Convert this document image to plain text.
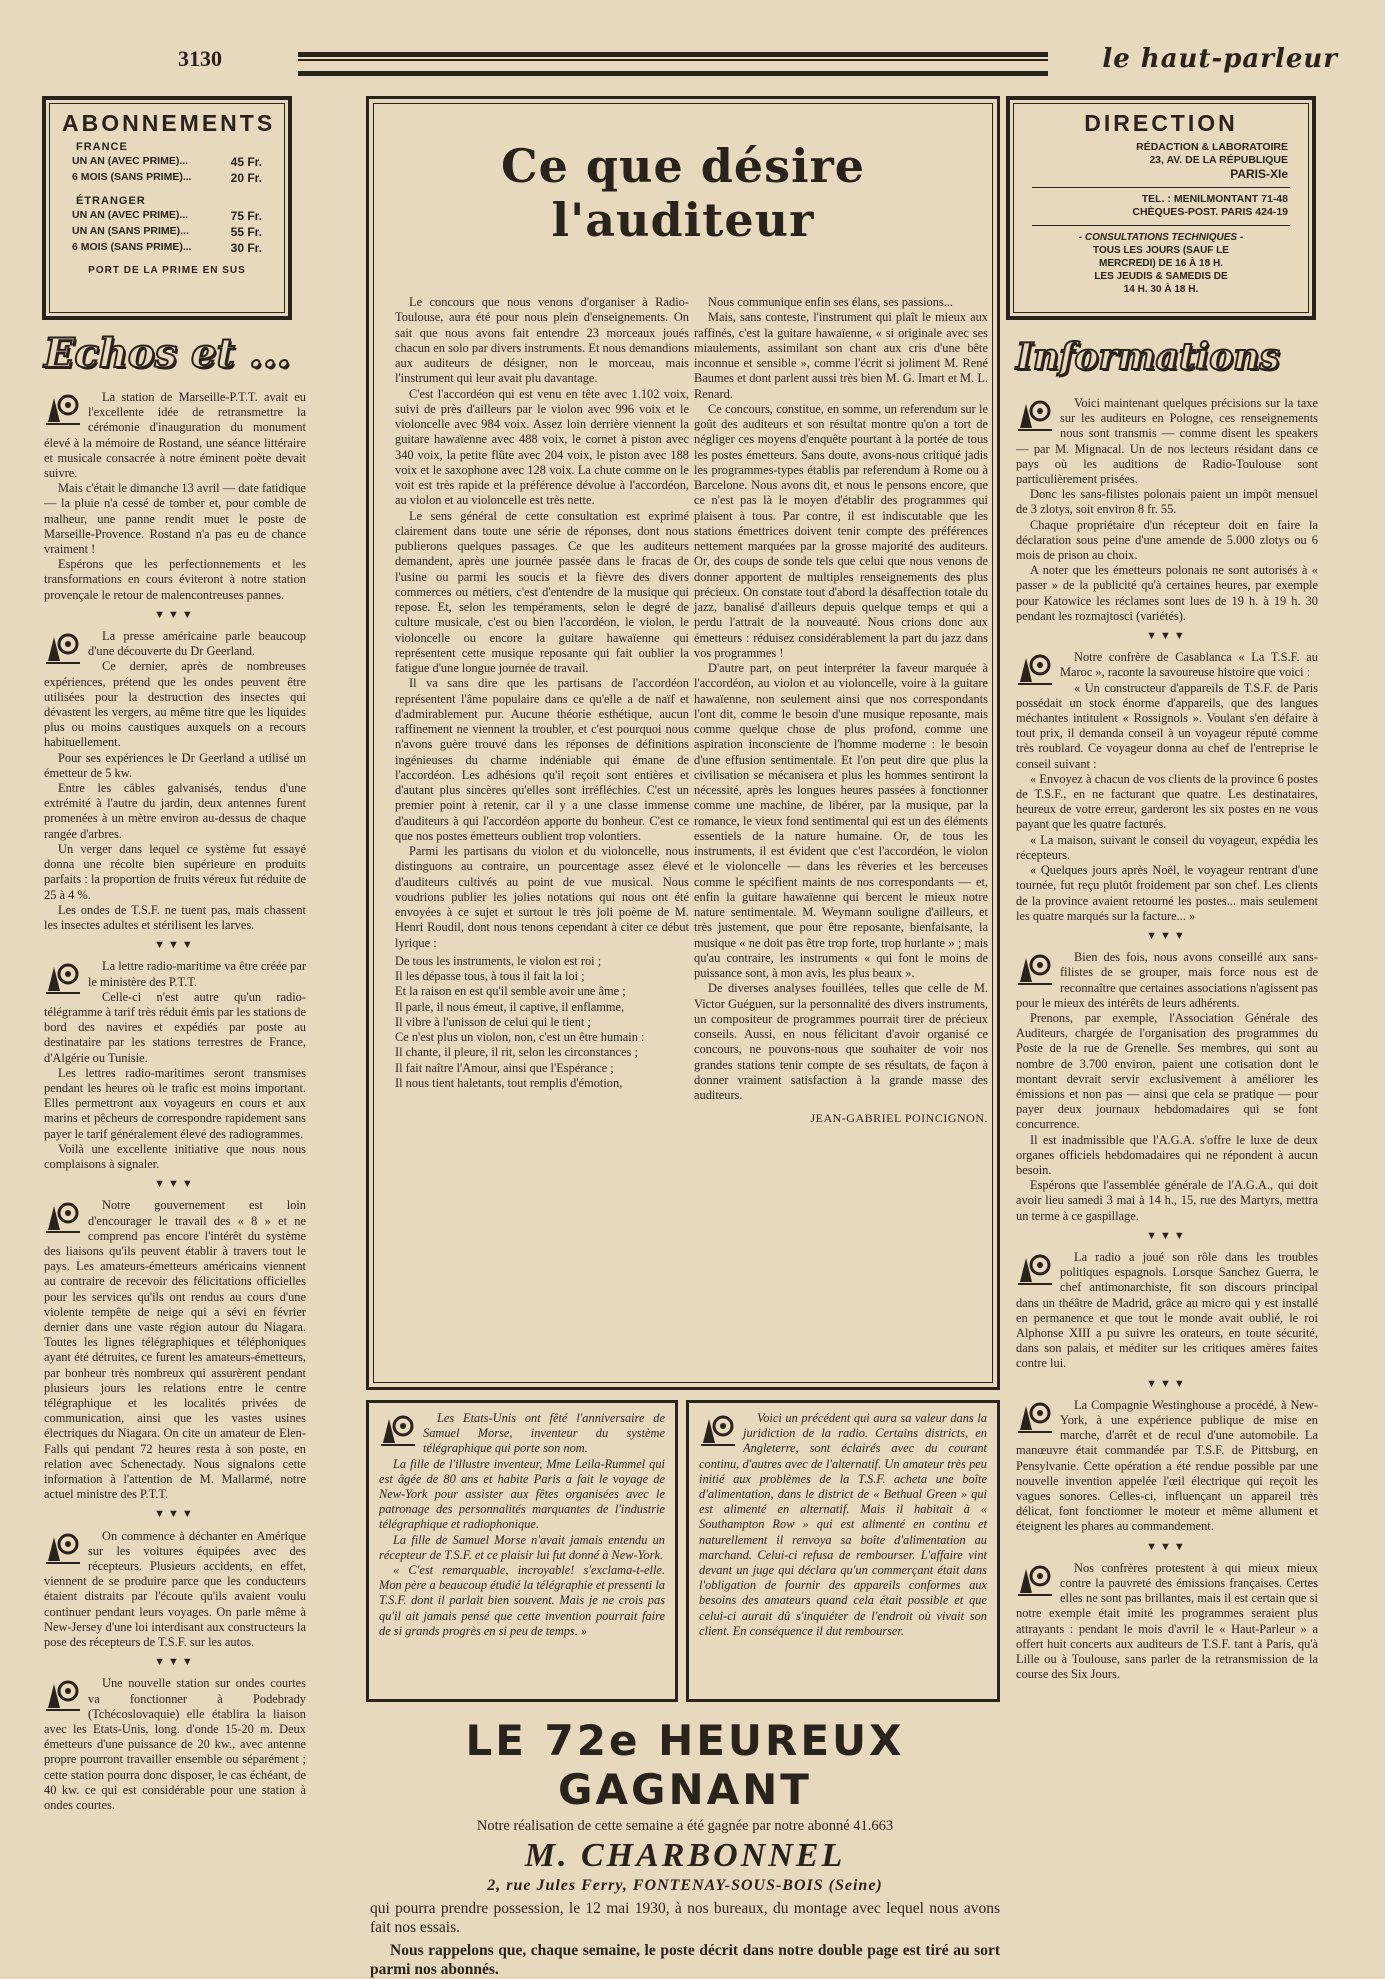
3130	le haut-parleur
ABONNEMENTS
FRANCE
UN AN (AVEC PRIME)...	45 Fr.
6 MOIS (SANS PRIME)...	20 Fr.
ÉTRANGER
UN AN (AVEC PRIME)...	75 Fr.
UN AN (SANS PRIME)...	55 Fr.
6 MOIS (SANS PRIME)...	30 Fr.
PORT DE LA PRIME EN SUS
DIRECTION
RÉDACTION & LABORATOIRE
23, AV. DE LA RÉPUBLIQUE
PARIS-XIe
TEL. : MENILMONTANT 71-48
CHÈQUES-POST. PARIS 424-19
- CONSULTATIONS TECHNIQUES -
TOUS LES JOURS (SAUF LE
MERCREDI) DE 16 À 18 H.
LES JEUDIS & SAMEDIS DE
14 H. 30 À 18 H.
Echos et ...	Informations

La station de Marseille-P.T.T. avait eu l'excellente idée de retransmettre la cérémonie d'inauguration du monument élevé à la mémoire de Rostand, une séance littéraire et musicale consacrée à notre éminent poète devait suivre.

Mais c'était le dimanche 13 avril — date fatidique — la pluie n'a cessé de tomber et, pour comble de malheur, une panne rendit muet le poste de Marseille-Provence. Rostand n'a pas eu de chance vraiment !

Espérons que les perfectionnements et les transformations en cours éviteront à notre station provençale le retour de malencontreuses pannes.

▼▼▼

La presse américaine parle beaucoup d'une découverte du Dr Geerland.

Ce dernier, après de nombreuses expériences, prétend que les ondes peuvent être utilisées pour la destruction des insectes qui dévastent les vergers, au même titre que les liquides plus ou moins caustiques auxquels on a recours habituellement.

Pour ses expériences le Dr Geerland a utilisé un émetteur de 5 kw.

Entre les câbles galvanisés, tendus d'une extrémité à l'autre du jardin, deux antennes furent promenées à un mètre environ au-dessus de chaque rangée d'arbres.

Un verger dans lequel ce système fut essayé donna une récolte bien supérieure en produits parfaits : la proportion de fruits véreux fut réduite de 25 à 4 %.

Les ondes de T.S.F. ne tuent pas, mais chassent les insectes adultes et stérilisent les larves.

▼▼▼

La lettre radio-maritime va être créée par le ministère des P.T.T.

Celle-ci n'est autre qu'un radio-télégramme à tarif très réduit émis par les stations de bord des navires et expédiés par poste au destinataire par les stations terrestres de France, d'Algérie ou Tunisie.

Les lettres radio-maritimes seront transmises pendant les heures où le trafic est moins important. Elles permettront aux voyageurs en cours et aux marins et pêcheurs de correspondre rapidement sans payer le tarif généralement élevé des radiogrammes.

Voilà une excellente initiative que nous nous complaisons à signaler.

▼▼▼

Notre gouvernement est loin d'encourager le travail des « 8 » et ne comprend pas encore l'intérêt du système des liaisons qu'ils peuvent établir à travers tout le pays. Les amateurs-émetteurs américains viennent au contraire de recevoir des félicitations officielles pour les services qu'ils ont rendus au cours d'une violente tempête de neige qui a sévi en février dernier dans une vaste région autour du Niagara. Toutes les lignes télégraphiques et téléphoniques ayant été détruites, ce furent les amateurs-émetteurs, par bonheur très nombreux qui assurèrent pendant plusieurs jours les relations entre le centre télégraphique et les localités privées de communication, ainsi que les vastes usines électriques du Niagara. On cite un amateur de Elen-Falls qui pendant 72 heures resta à son poste, en relation avec Schenectady. Nous signalons cette information à l'attention de M. Mallarmé, notre actuel ministre des P.T.T.

▼▼▼

On commence à déchanter en Amérique sur les voitures équipées avec des récepteurs. Plusieurs accidents, en effet, viennent de se produire parce que les conducteurs étaient distraits par l'écoute qu'ils avaient voulu continuer pendant leurs voyages. On parle même à New-Jersey d'une loi interdisant aux constructeurs la pose des récepteurs de T.S.F. sur les autos.

▼▼▼

Une nouvelle station sur ondes courtes va fonctionner à Podebrady (Tchécoslovaquie) elle établira la liaison avec les Etats-Unis, long. d'onde 15-20 m. Deux émetteurs d'une puissance de 20 kw., avec antenne propre pourront travailler ensemble ou séparément ; cette station pourra donc disposer, le cas échéant, de 40 kw. ce qui est considérable pour une station à ondes courtes.

Ce que désire l'auditeur

Le concours que nous venons d'organiser à Radio-Toulouse, aura été pour nous plein d'enseignements. On sait que nous avons fait entendre 23 morceaux joués chacun en solo par divers instruments. Et nous demandions aux auditeurs de désigner, non le morceau, mais l'instrument qui leur avait plu davantage.

C'est l'accordéon qui est venu en tête avec 1.102 voix, suivi de près d'ailleurs par le violon avec 996 voix et le violoncelle avec 984 voix. Assez loin derrière viennent la guitare hawaïenne avec 488 voix, le cornet à piston avec 340 voix, la petite flûte avec 204 voix, le piston avec 188 voix et le saxophone avec 128 voix. La chute comme on le voit est très rapide et la préférence dévolue à l'accordéon, au violon et au violoncelle est très nette.

Le sens général de cette consultation est exprimé clairement dans toute une série de réponses, dont nous publierons quelques passages. Ce que les auditeurs demandent, après une journée passée dans le fracas de l'usine ou parmi les soucis et la fièvre des divers commerces ou métiers, c'est d'entendre de la musique qui repose. Et, selon les tempéraments, selon le degré de culture musicale, c'est ou bien l'accordéon, le violon, le violoncelle ou encore la guitare hawaïenne qui représentent cette musique reposante qui fait oublier la fatigue d'une longue journée de travail.

Il va sans dire que les partisans de l'accordéon représentent l'âme populaire dans ce qu'elle a de naïf et d'admirablement pur. Aucune théorie esthétique, aucun raffinement ne viennent la troubler, et c'est pourquoi nous n'avons guère trouvé dans les réponses de définitions ingénieuses du charme indéniable qui émane de l'accordéon. Les adhésions qu'il reçoit sont entières et d'autant plus sincères qu'elles sont irréfléchies. C'est un premier point à retenir, car il y a une classe immense d'auditeurs à qui l'accordéon apporte du bonheur. C'est ce que nos postes émetteurs oublient trop volontiers.

Parmi les partisans du violon et du violoncelle, nous distinguons au contraire, un pourcentage assez élevé d'auditeurs cultivés au point de vue musical. Nous voudrions publier les jolies notations qui nous ont été envoyées à ce sujet et surtout le très joli poème de M. Henri Roudil, dont nous tenons cependant à citer ce début lyrique :

De tous les instruments, le violon est roi ;
Il les dépasse tous, à tous il fait la loi ;
Et la raison en est qu'il semble avoir une âme ;
Il parle, il nous émeut, il captive, il enflamme,
Il vibre à l'unisson de celui qui le tient ;
Ce n'est plus un violon, non, c'est un être humain :
Il chante, il pleure, il rit, selon les circonstances ;
Il fait naître l'Amour, ainsi que l'Espérance ;
Il nous tient haletants, tout remplis d'émotion,

Nous communique enfin ses élans, ses passions...

Mais, sans conteste, l'instrument qui plaît le mieux aux raffinés, c'est la guitare hawaïenne, « si originale avec ses miaulements, assimilant son chant aux cris d'une bête inconnue et sensible », comme l'écrit si joliment M. René Baumes et dont parlent aussi très bien M. G. Imart et M. L. Renard.

Ce concours, constitue, en somme, un referendum sur le goût des auditeurs et son résultat montre qu'on a tort de négliger ces moyens d'enquête pourtant à la portée de tous les postes émetteurs. Sans doute, avons-nous critiqué jadis les programmes-types établis par referendum à Rome ou à Barcelone. Nous avons dit, et nous le pensons encore, que ce n'est pas là le moyen d'établir des programmes qui plaisent à tous. Par contre, il est indiscutable que les stations émettrices doivent tenir compte des préférences nettement marquées par la grosse majorité des auditeurs. Or, des coups de sonde tels que celui que nous venons de donner apportent de multiples renseignements des plus précieux. On constate tout d'abord la désaffection totale du jazz, banalisé d'ailleurs depuis quelque temps et qui a perdu l'attrait de la nouveauté. Nous crions donc aux émetteurs : réduisez considérablement la part du jazz dans vos programmes !

D'autre part, on peut interpréter la faveur marquée à l'accordéon, au violon et au violoncelle, voire à la guitare hawaïenne, non seulement ainsi que nos correspondants l'ont dit, comme le besoin d'une musique reposante, mais comme quelque chose de plus profond, comme une aspiration inconsciente de l'homme moderne : le besoin d'une effusion sentimentale. Et l'on peut dire que plus la civilisation se mécanisera et plus les hommes sentiront la nécessité, après les longues heures passées à fonctionner comme une machine, de libérer, par la musique, par la romance, le vieux fond sentimental qui est un des éléments essentiels de la nature humaine. Or, de tous les instruments, il est évident que c'est l'accordéon, le violon et le violoncelle — dans les rêveries et les berceuses comme le spécifient maints de nos correspondants — et, enfin la guitare hawaïenne qui bercent le mieux notre nature sentimentale. M. Weymann souligne d'ailleurs, et très justement, que pour être reposante, bienfaisante, la musique « ne doit pas être trop forte, trop hurlante » ; mais qu'au contraire, les instruments « qui font le moins de puissance sont, à mon avis, les plus beaux ».

De diverses analyses fouillées, telles que celle de M. Victor Guéguen, sur la personnalité des divers instruments, un compositeur de programmes pourrait tirer de précieux conseils. Aussi, en nous félicitant d'avoir organisé ce concours, ne pouvons-nous que souhaiter de voir nos grandes stations tenir compte de ses résultats, de façon à donner vraiment satisfaction à la grande masse des auditeurs.

JEAN-GABRIEL POINCIGNON.

Les Etats-Unis ont fêté l'anniversaire de Samuel Morse, inventeur du système télégraphique qui porte son nom.

La fille de l'illustre inventeur, Mme Leila-Rummel qui est âgée de 80 ans et habite Paris a fait le voyage de New-York pour assister aux fêtes organisées avec le patronage des personnalités marquantes de l'industrie télégraphique et radiophonique.

La fille de Samuel Morse n'avait jamais entendu un récepteur de T.S.F. et ce plaisir lui fut donné à New-York.

« C'est remarquable, incroyable! s'exclama-t-elle. Mon père a beaucoup étudié la télégraphie et pressenti la T.S.F. dont il parlait bien souvent. Mais je ne crois pas qu'il ait jamais pensé que cette invention pourrait faire de si grands progrès en si peu de temps. »

Voici un précédent qui aura sa valeur dans la juridiction de la radio. Certains districts, en Angleterre, sont éclairés avec du courant continu, d'autres avec de l'alternatif. Un amateur très peu initié aux problèmes de la T.S.F. acheta une boîte d'alimentation, dans le district de « Bethual Green » qui est alimenté en alternatif. Mais il habitait à « Southampton Row » qui est alimenté en continu et naturellement il renvoya sa boîte d'alimentation au marchand. Celui-ci refusa de rembourser. L'affaire vint devant un juge qui déclara qu'un commerçant était dans l'obligation de fournir des appareils conformes aux besoins des amateurs quand cela était possible et que celui-ci aurait dû s'inquiéter de l'endroit où vivait son client. En conséquence il dut rembourser.

LE 72e HEUREUX GAGNANT
Notre réalisation de cette semaine a été gagnée par notre abonné 41.663
M. CHARBONNEL
2, rue Jules Ferry, FONTENAY-SOUS-BOIS (Seine)
qui pourra prendre possession, le 12 mai 1930, à nos bureaux, du montage avec lequel nous avons fait nos essais.
Nous rappelons que, chaque semaine, le poste décrit dans notre double page est tiré au sort parmi nos abonnés.

Voici maintenant quelques précisions sur la taxe sur les auditeurs en Pologne, ces renseignements nous sont transmis — comme disent les speakers — par M. Mignacal. Un de nos lecteurs résidant dans ce pays où les auditions de Radio-Toulouse sont particulièrement prisées.

Donc les sans-filistes polonais paient un impôt mensuel de 3 zlotys, soit environ 8 fr. 55.

Chaque propriétaire d'un récepteur doit en faire la déclaration sous peine d'une amende de 5.000 zlotys ou 6 mois de prison au choix.

A noter que les émetteurs polonais ne sont autorisés à « passer » de la publicité qu'à certaines heures, par exemple pour Katowice les réclames sont lues de 19 h. à 19 h. 30 pendant les rozmajtosci (variétés).

▼▼▼

Notre confrère de Casablanca « La T.S.F. au Maroc », raconte la savoureuse histoire que voici :

« Un constructeur d'appareils de T.S.F. de Paris possédait un stock énorme d'appareils, que des langues méchantes intitulent « Rossignols ». Voulant s'en défaire à tout prix, il demanda conseil à un voyageur réputé comme très roublard. Ce voyageur donna au chef de l'entreprise le conseil suivant :

« Envoyez à chacun de vos clients de la province 6 postes de T.S.F., en ne facturant que quatre. Les destinataires, heureux de votre erreur, garderont les six postes en ne vous payant que les quatre facturés.

« La maison, suivant le conseil du voyageur, expédia les récepteurs.

« Quelques jours après Noël, le voyageur rentrant d'une tournée, fut reçu plutôt froidement par son chef. Les clients de la province avaient retourné les postes... mais seulement les quatre marqués sur la facture... »

▼▼▼

Bien des fois, nous avons conseillé aux sans-filistes de se grouper, mais force nous est de reconnaître que certaines associations n'agissent pas pour le mieux des intérêts de leurs adhérents.

Prenons, par exemple, l'Association Générale des Auditeurs, chargée de l'organisation des programmes du Poste de la rue de Grenelle. Ses membres, qui sont au nombre de 3.700 environ, paient une cotisation dont le montant devrait servir exclusivement à améliorer les émissions et non pas — ainsi que cela se pratique — pour payer deux journaux hebdomadaires qui se font concurrence.

Il est inadmissible que l'A.G.A. s'offre le luxe de deux organes officiels hebdomadaires qui ne répondent à aucun besoin.

Espérons que l'assemblée générale de l'A.G.A., qui doit avoir lieu samedi 3 mai à 14 h., 15, rue des Martyrs, mettra un terme à ce gaspillage.

▼▼▼

La radio a joué son rôle dans les troubles politiques espagnols. Lorsque Sanchez Guerra, le chef antimonarchiste, fit son discours principal dans un théâtre de Madrid, grâce au micro qui y est installé en permanence et que tout le monde avait oublié, le roi Alphonse XIII a pu suivre les orateurs, en toute sécurité, dans son palais, et méditer sur les critiques amères faites contre lui.

▼▼▼

La Compagnie Westinghouse a procédé, à New-York, à une expérience publique de mise en marche, d'arrêt et de recul d'une automobile. La manœuvre était commandée par T.S.F. de Pittsburg, en Pensylvanie. Cette opération a été rendue possible par une nouvelle invention appelée l'œil électrique qui reçoit les vagues sonores. Celles-ci, influençant un appareil très délicat, font fonctionner le moteur et même allument et éteignent les phares au commandement.

▼▼▼

Nos confrères protestent à qui mieux mieux contre la pauvreté des émissions françaises. Certes elles ne sont pas brillantes, mais il est certain que si notre exemple était imité les programmes seraient plus attrayants : pendant le mois d'avril le « Haut-Parleur » a offert huit concerts aux auditeurs de T.S.F. tant à Paris, qu'à Lille ou à Toulouse, sans parler de la retransmission de la course des Six Jours.
